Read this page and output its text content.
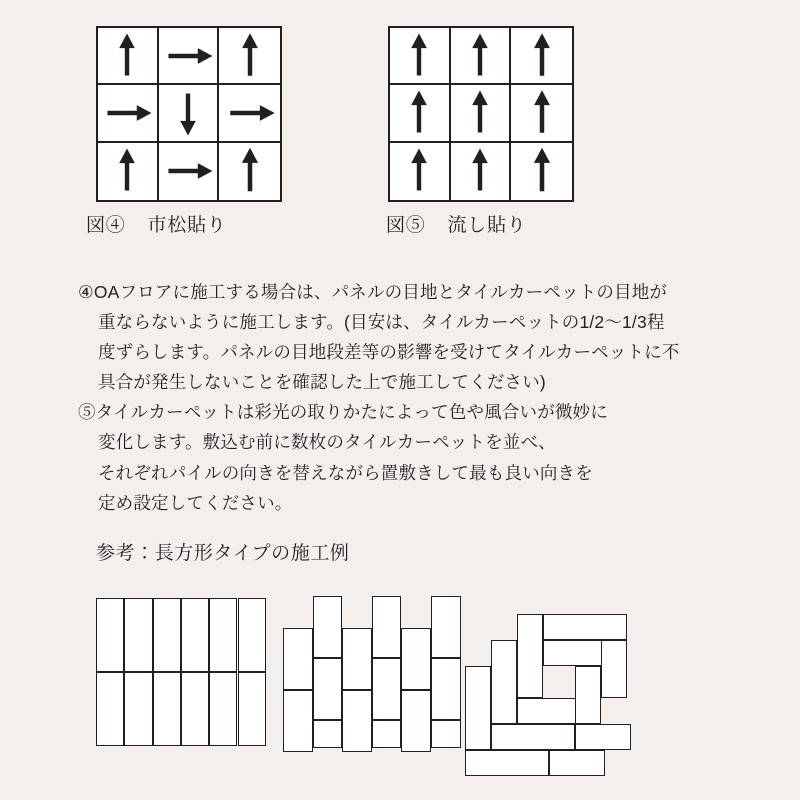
図④ 市松貼り	図⑤ 流し貼り
④OAフロアに施工する場合は、パネルの目地とタイルカーペットの目地が
重ならないように施工します。(目安は、タイルカーペットの1/2〜1/3程
度ずらします。パネルの目地段差等の影響を受けてタイルカーペットに不
具合が発生しないことを確認した上で施工してください)
⑤タイルカーペットは彩光の取りかたによって色や風合いが微妙に
変化します。敷込む前に数枚のタイルカーペットを並べ、
それぞれパイルの向きを替えながら置敷きして最も良い向きを
定め設定してください。
参考：長方形タイプの施工例
